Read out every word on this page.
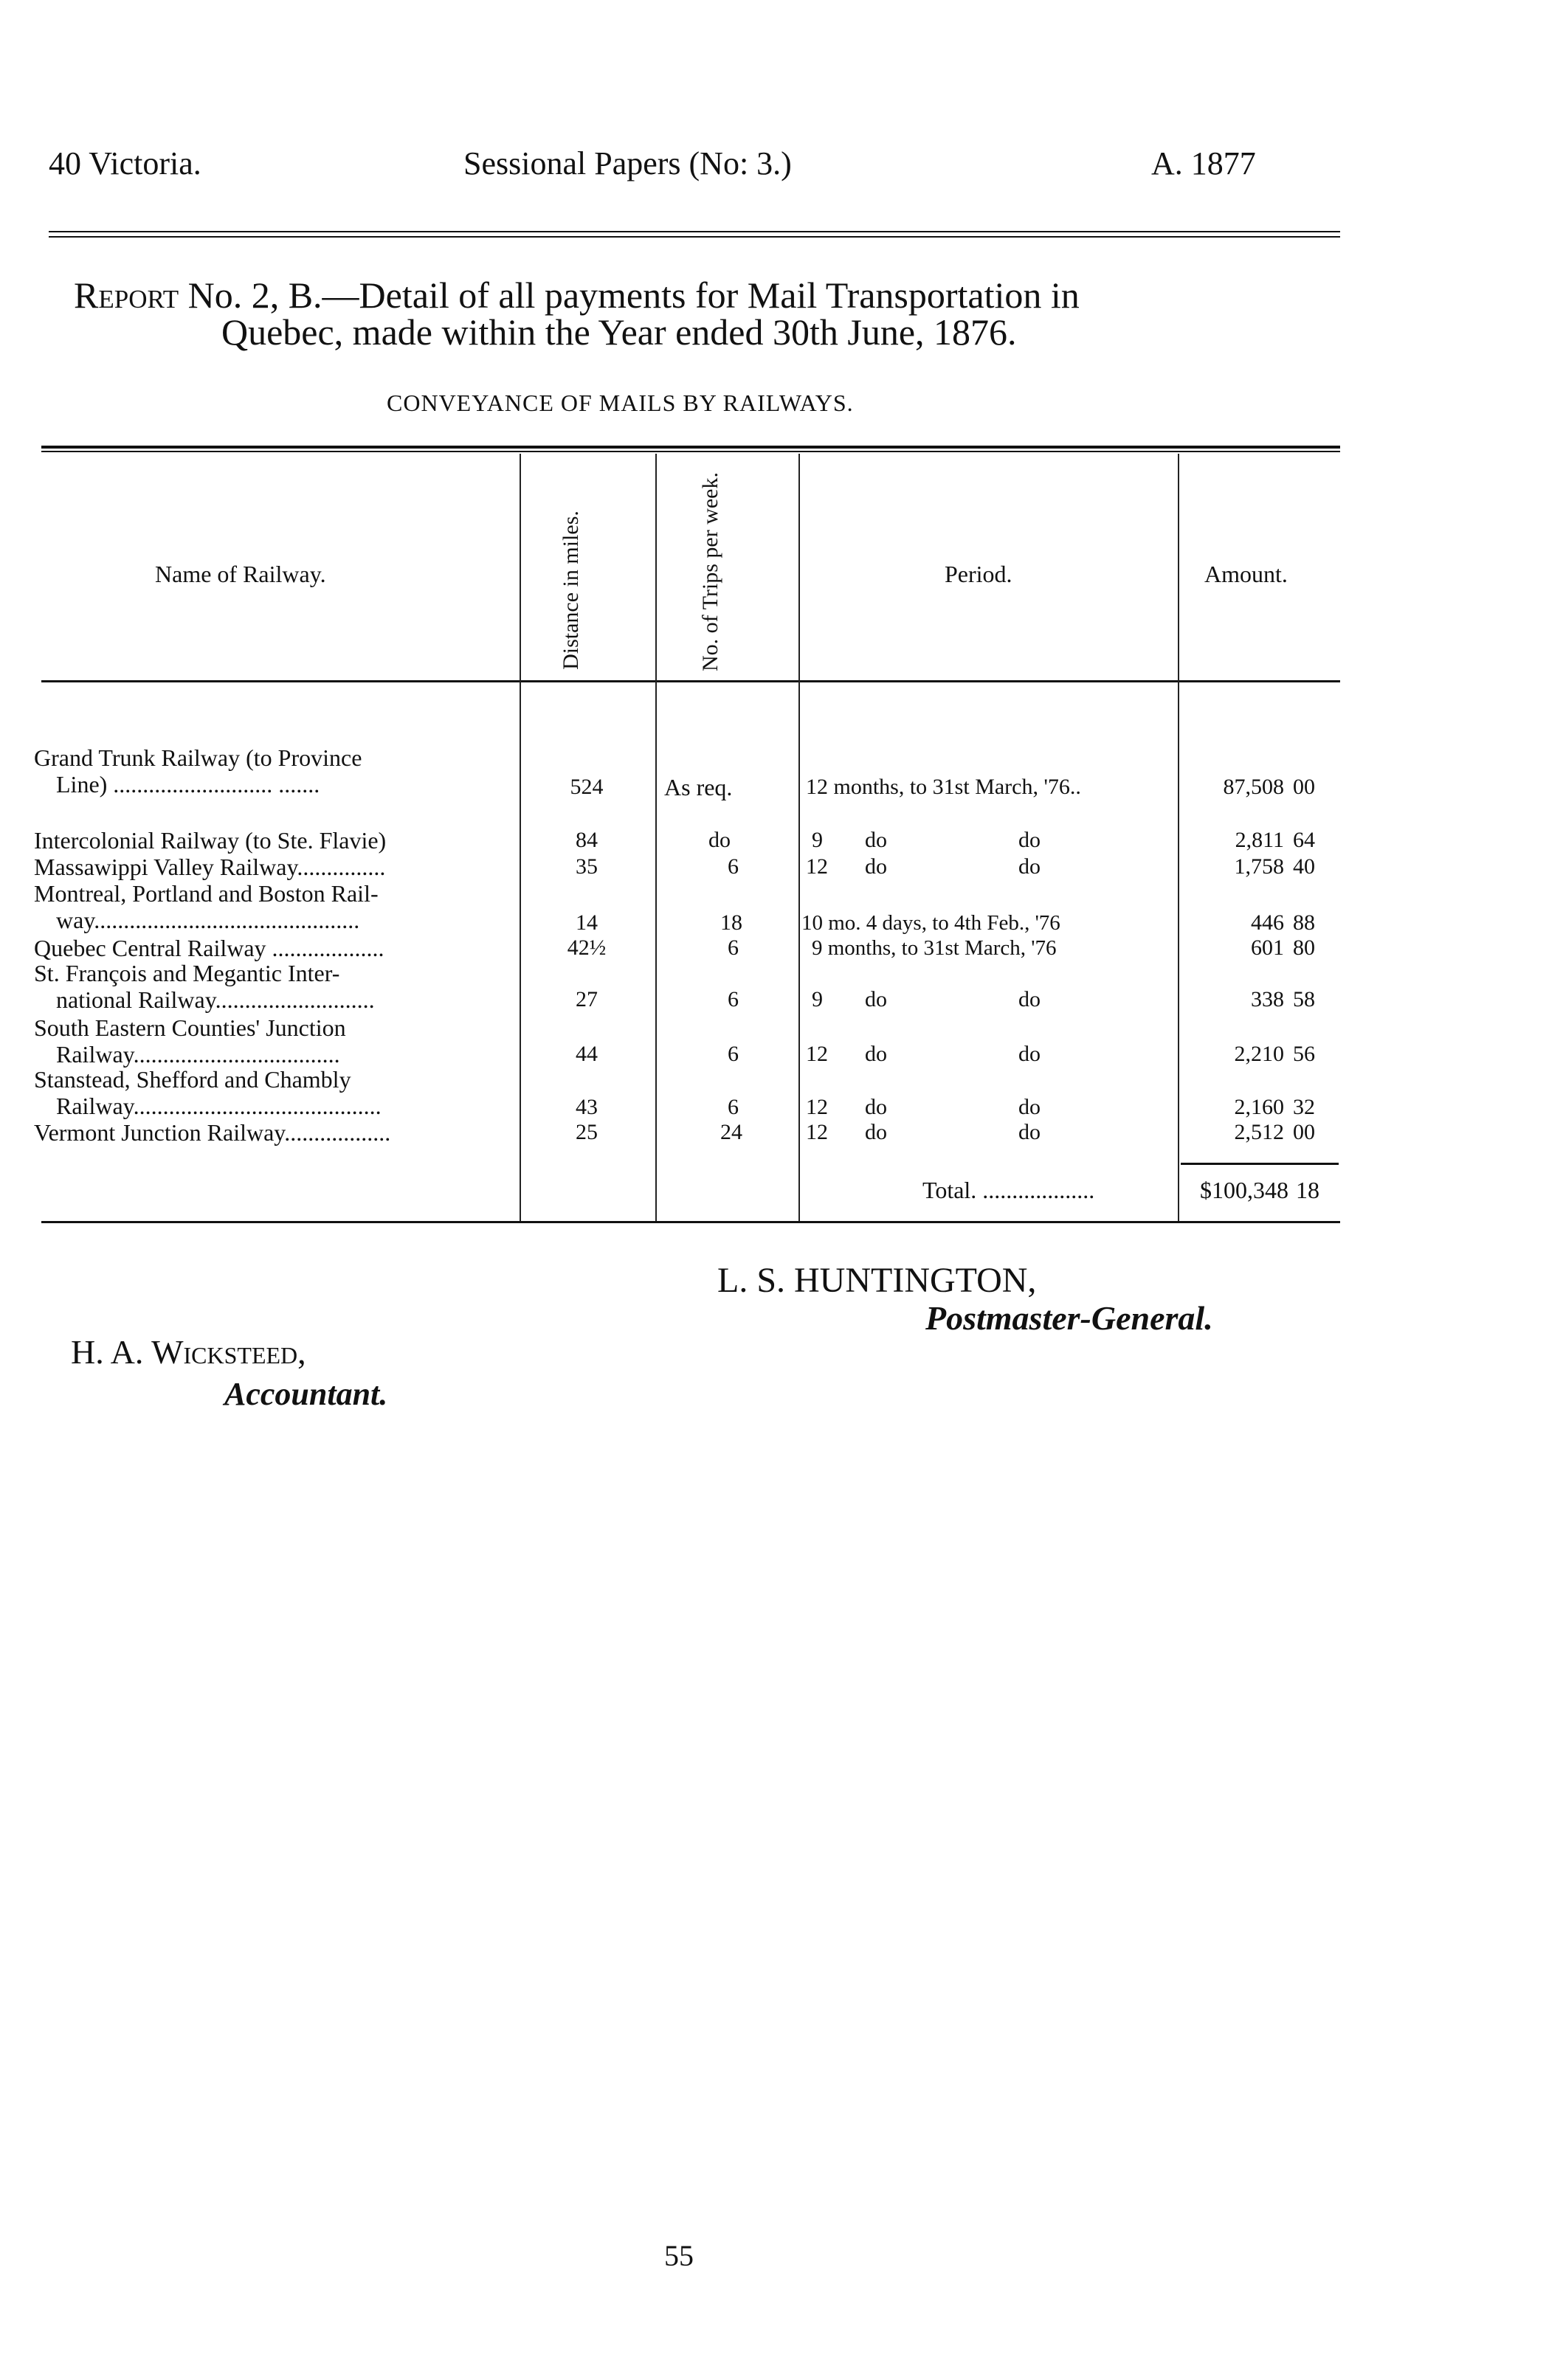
40 Victoria.	Sessional Papers (No: 3.)	A. 1877
Report No. 2, B.—Detail of all payments for Mail Transportation in
Quebec, made within the Year ended 30th June, 1876.
CONVEYANCE OF MAILS BY RAILWAYS.
Name of Railway.	Distance in miles.	No. of Trips per week.	Period.	Amount.
Grand Trunk Railway (to Province
Line) ........................... .......	524	As req.	12 months, to 31st March, '76..	87,508 00
Intercolonial Railway (to Ste. Flavie)	84	do	9	do	do	2,811 64
Massawippi Valley Railway...............	35	6	12	do	do	1,758 40
Montreal, Portland and Boston Rail-
way.............................................	14	18	10 mo. 4 days, to 4th Feb., '76	446 88
Quebec Central Railway ...................	42½	6	9 months, to 31st March, '76	601 80
St. François and Megantic Inter-
national Railway...........................	27	6	9	do	do	338 58
South Eastern Counties' Junction
Railway...................................	44	6	12	do	do	2,210 56
Stanstead, Shefford and Chambly
Railway..........................................	43	6	12	do	do	2,160 32
Vermont Junction Railway..................	25	24	12	do	do	2,512 00
Total. ...................	$100,348 18
L. S. HUNTINGTON,
Postmaster-General.
H. A. Wicksteed,
Accountant.
55
